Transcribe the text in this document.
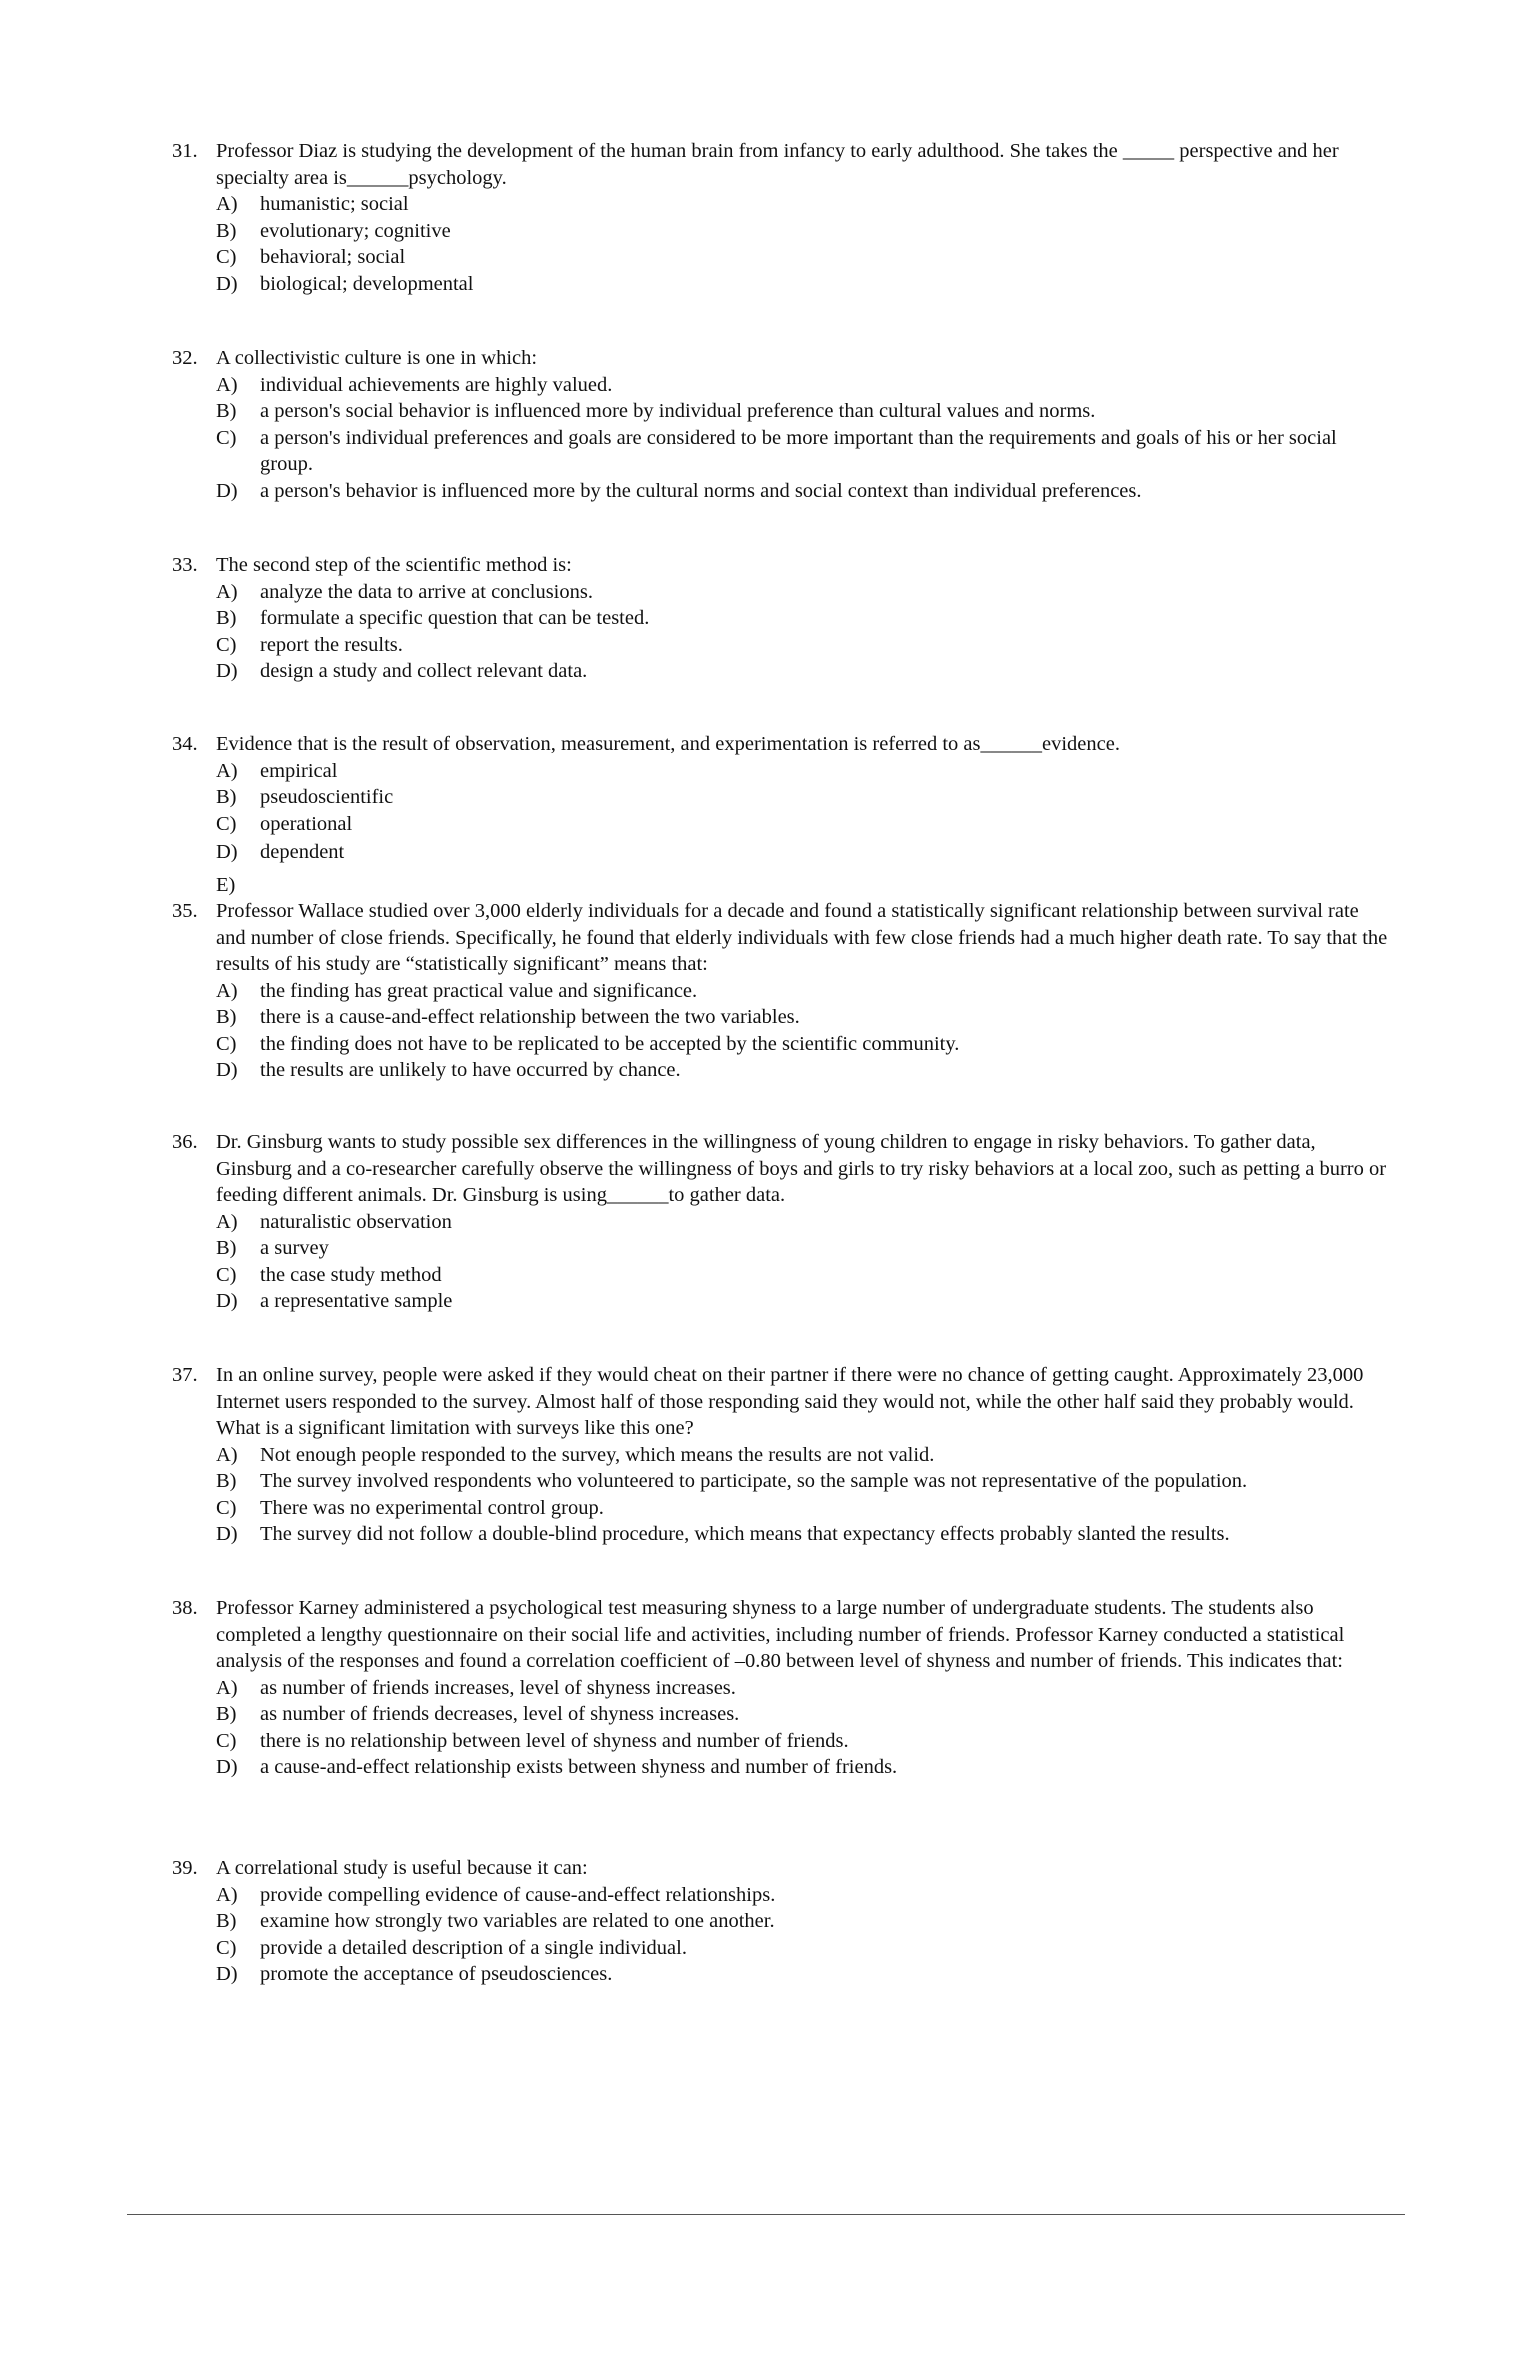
31. Professor Diaz is studying the development of the human brain from infancy to early adulthood. She takes the _____ perspective and her specialty area is______psychology.
A) humanistic; social
B) evolutionary; cognitive
C) behavioral; social
D) biological; developmental
32. A collectivistic culture is one in which:
A) individual achievements are highly valued.
B) a person's social behavior is influenced more by individual preference than cultural values and norms.
C) a person's individual preferences and goals are considered to be more important than the requirements and goals of his or her social group.
D) a person's behavior is influenced more by the cultural norms and social context than individual preferences.
33. The second step of the scientific method is:
A) analyze the data to arrive at conclusions.
B) formulate a specific question that can be tested.
C) report the results.
D) design a study and collect relevant data.
34. Evidence that is the result of observation, measurement, and experimentation is referred to as______evidence.
A) empirical
B) pseudoscientific
C) operational
D) dependent
E)
35. Professor Wallace studied over 3,000 elderly individuals for a decade and found a statistically significant relationship between survival rate and number of close friends. Specifically, he found that elderly individuals with few close friends had a much higher death rate. To say that the results of his study are “statistically significant” means that:
A) the finding has great practical value and significance.
B) there is a cause-and-effect relationship between the two variables.
C) the finding does not have to be replicated to be accepted by the scientific community.
D) the results are unlikely to have occurred by chance.
36. Dr. Ginsburg wants to study possible sex differences in the willingness of young children to engage in risky behaviors. To gather data, Ginsburg and a co-researcher carefully observe the willingness of boys and girls to try risky behaviors at a local zoo, such as petting a burro or feeding different animals. Dr. Ginsburg is using______to gather data.
A) naturalistic observation
B) a survey
C) the case study method
D) a representative sample
37. In an online survey, people were asked if they would cheat on their partner if there were no chance of getting caught. Approximately 23,000 Internet users responded to the survey. Almost half of those responding said they would not, while the other half said they probably would. What is a significant limitation with surveys like this one?
A) Not enough people responded to the survey, which means the results are not valid.
B) The survey involved respondents who volunteered to participate, so the sample was not representative of the population.
C) There was no experimental control group.
D) The survey did not follow a double-blind procedure, which means that expectancy effects probably slanted the results.
38. Professor Karney administered a psychological test measuring shyness to a large number of undergraduate students. The students also completed a lengthy questionnaire on their social life and activities, including number of friends. Professor Karney conducted a statistical analysis of the responses and found a correlation coefficient of –0.80 between level of shyness and number of friends. This indicates that:
A) as number of friends increases, level of shyness increases.
B) as number of friends decreases, level of shyness increases.
C) there is no relationship between level of shyness and number of friends.
D) a cause-and-effect relationship exists between shyness and number of friends.
39. A correlational study is useful because it can:
A) provide compelling evidence of cause-and-effect relationships.
B) examine how strongly two variables are related to one another.
C) provide a detailed description of a single individual.
D) promote the acceptance of pseudosciences.
